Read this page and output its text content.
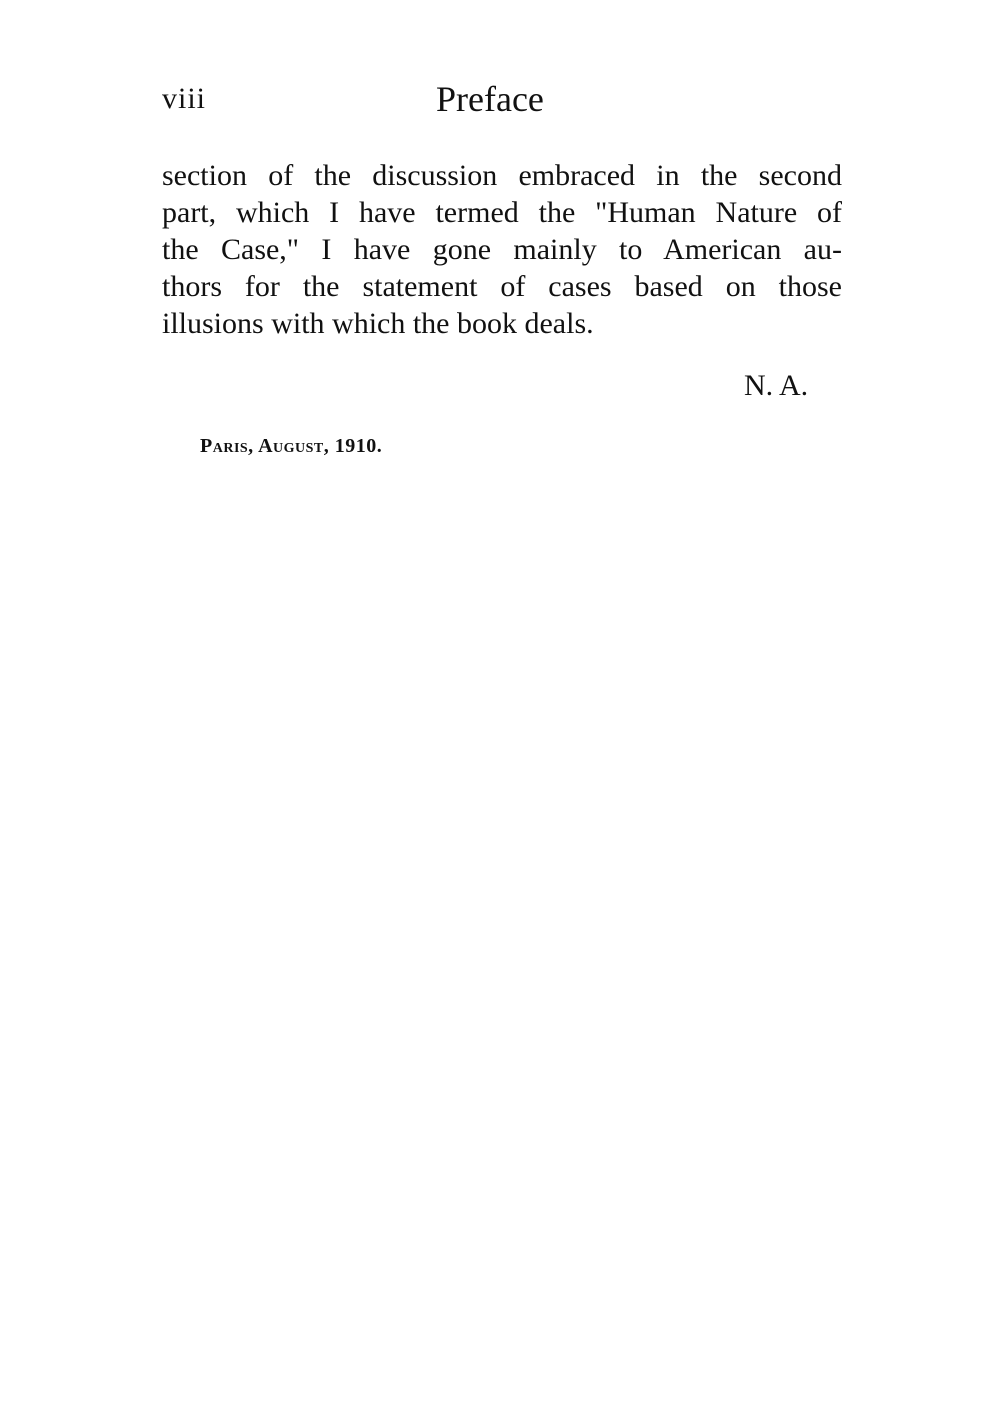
viii	Preface
section of the discussion embraced in the second
part, which I have termed the "Human Nature of
the Case," I have gone mainly to American au-
thors for the statement of cases based on those
illusions with which the book deals.
N. A.
Paris, August, 1910.
